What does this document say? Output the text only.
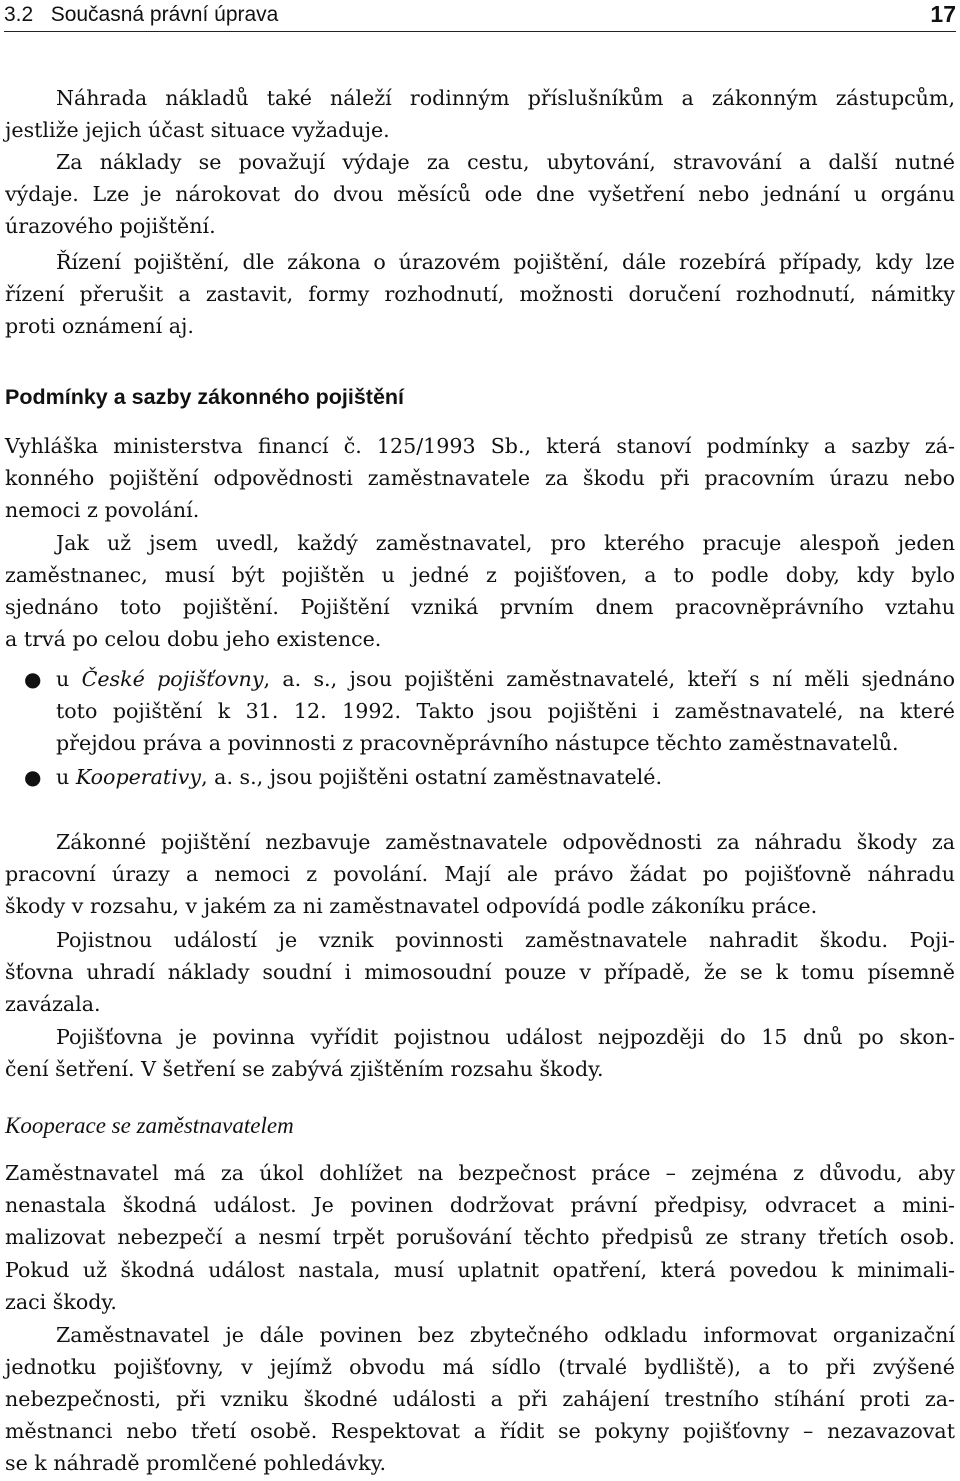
3.2   Současná právní úprava	17
Náhrada nákladů také náleží rodinným příslušníkům a zákonným zástupcům,
jestliže jejich účast situace vyžaduje.
Za náklady se považují výdaje za cestu, ubytování, stravování a další nutné
výdaje. Lze je nárokovat do dvou měsíců ode dne vyšetření nebo jednání u orgánu
úrazového pojištění.
Řízení pojištění, dle zákona o úrazovém pojištění, dále rozebírá případy, kdy lze
řízení přerušit a zastavit, formy rozhodnutí, možnosti doručení rozhodnutí, námitky
proti oznámení aj.
Podmínky a sazby zákonného pojištění
Vyhláška ministerstva financí č. 125/1993 Sb., která stanoví podmínky a sazby zá-
konného pojištění odpovědnosti zaměstnavatele za škodu při pracovním úrazu nebo
nemoci z povolání.
Jak už jsem uvedl, každý zaměstnavatel, pro kterého pracuje alespoň jeden
zaměstnanec, musí být pojištěn u jedné z pojišťoven, a to podle doby, kdy bylo
sjednáno toto pojištění. Pojištění vzniká prvním dnem pracovněprávního vztahu
a trvá po celou dobu jeho existence.
● u České pojišťovny, a. s., jsou pojištěni zaměstnavatelé, kteří s ní měli sjednáno
toto pojištění k 31. 12. 1992. Takto jsou pojištěni i zaměstnavatelé, na které
přejdou práva a povinnosti z pracovněprávního nástupce těchto zaměstnavatelů.
● u Kooperativy, a. s., jsou pojištěni ostatní zaměstnavatelé.
Zákonné pojištění nezbavuje zaměstnavatele odpovědnosti za náhradu škody za
pracovní úrazy a nemoci z povolání. Mají ale právo žádat po pojišťovně náhradu
škody v rozsahu, v jakém za ni zaměstnavatel odpovídá podle zákoníku práce.
Pojistnou událostí je vznik povinnosti zaměstnavatele nahradit škodu. Poji-
šťovna uhradí náklady soudní i mimosoudní pouze v případě, že se k tomu písemně
zavázala.
Pojišťovna je povinna vyřídit pojistnou událost nejpozději do 15 dnů po skon-
čení šetření. V šetření se zabývá zjištěním rozsahu škody.
Kooperace se zaměstnavatelem
Zaměstnavatel má za úkol dohlížet na bezpečnost práce – zejména z důvodu, aby
nenastala škodná událost. Je povinen dodržovat právní předpisy, odvracet a mini-
malizovat nebezpečí a nesmí trpět porušování těchto předpisů ze strany třetích osob.
Pokud už škodná událost nastala, musí uplatnit opatření, která povedou k minimali-
zaci škody.
Zaměstnavatel je dále povinen bez zbytečného odkladu informovat organizační
jednotku pojišťovny, v jejímž obvodu má sídlo (trvalé bydliště), a to při zvýšené
nebezpečnosti, při vzniku škodné události a při zahájení trestního stíhání proti za-
městnanci nebo třetí osobě. Respektovat a řídit se pokyny pojišťovny – nezavazovat
se k náhradě promlčené pohledávky.
